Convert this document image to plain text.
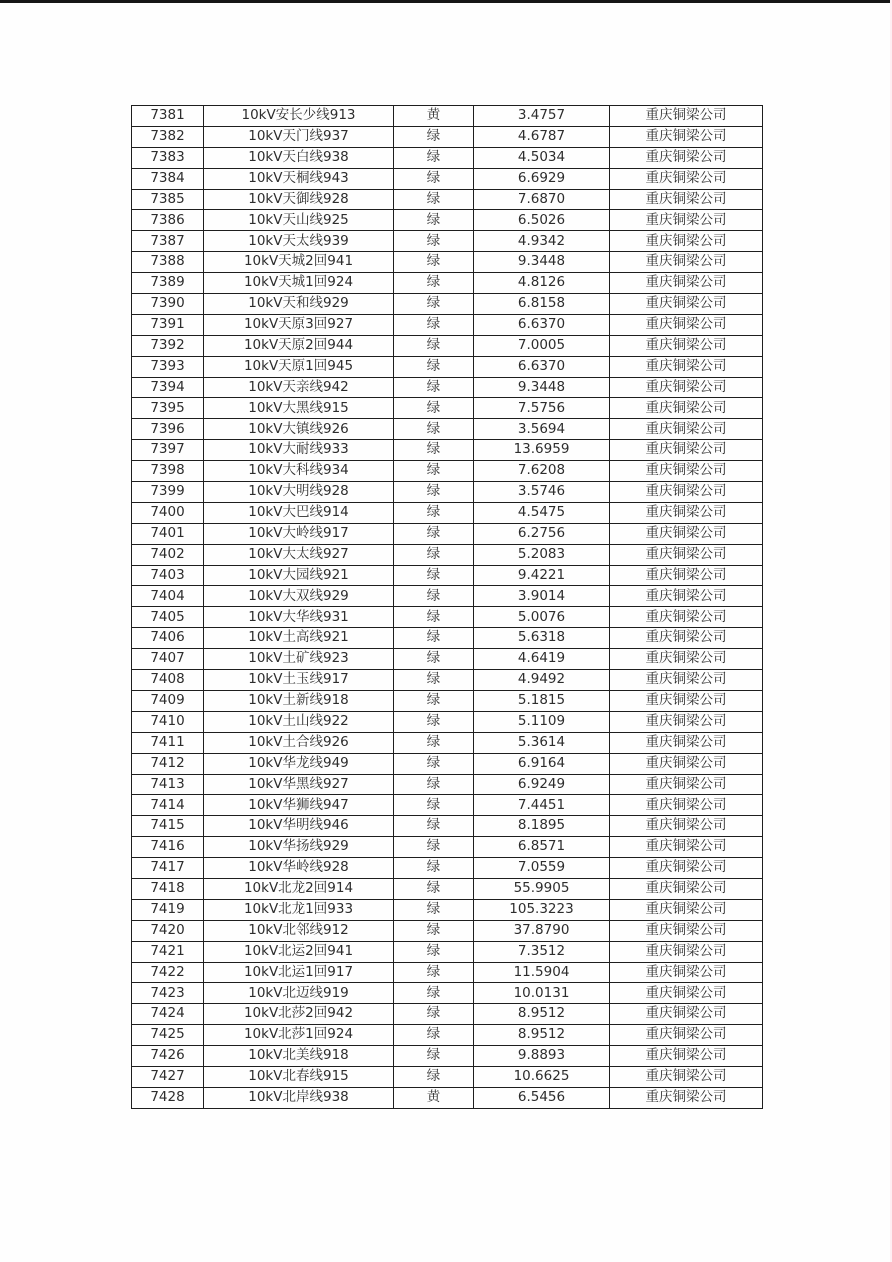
7381	10kV安长少线913	黄	3.4757	重庆铜梁公司
7382	10kV天门线937	绿	4.6787	重庆铜梁公司
7383	10kV天白线938	绿	4.5034	重庆铜梁公司
7384	10kV天桐线943	绿	6.6929	重庆铜梁公司
7385	10kV天御线928	绿	7.6870	重庆铜梁公司
7386	10kV天山线925	绿	6.5026	重庆铜梁公司
7387	10kV天太线939	绿	4.9342	重庆铜梁公司
7388	10kV天城2回941	绿	9.3448	重庆铜梁公司
7389	10kV天城1回924	绿	4.8126	重庆铜梁公司
7390	10kV天和线929	绿	6.8158	重庆铜梁公司
7391	10kV天原3回927	绿	6.6370	重庆铜梁公司
7392	10kV天原2回944	绿	7.0005	重庆铜梁公司
7393	10kV天原1回945	绿	6.6370	重庆铜梁公司
7394	10kV天亲线942	绿	9.3448	重庆铜梁公司
7395	10kV大黑线915	绿	7.5756	重庆铜梁公司
7396	10kV大镇线926	绿	3.5694	重庆铜梁公司
7397	10kV大耐线933	绿	13.6959	重庆铜梁公司
7398	10kV大科线934	绿	7.6208	重庆铜梁公司
7399	10kV大明线928	绿	3.5746	重庆铜梁公司
7400	10kV大巴线914	绿	4.5475	重庆铜梁公司
7401	10kV大岭线917	绿	6.2756	重庆铜梁公司
7402	10kV大太线927	绿	5.2083	重庆铜梁公司
7403	10kV大园线921	绿	9.4221	重庆铜梁公司
7404	10kV大双线929	绿	3.9014	重庆铜梁公司
7405	10kV大华线931	绿	5.0076	重庆铜梁公司
7406	10kV土高线921	绿	5.6318	重庆铜梁公司
7407	10kV土矿线923	绿	4.6419	重庆铜梁公司
7408	10kV土玉线917	绿	4.9492	重庆铜梁公司
7409	10kV土新线918	绿	5.1815	重庆铜梁公司
7410	10kV土山线922	绿	5.1109	重庆铜梁公司
7411	10kV土合线926	绿	5.3614	重庆铜梁公司
7412	10kV华龙线949	绿	6.9164	重庆铜梁公司
7413	10kV华黑线927	绿	6.9249	重庆铜梁公司
7414	10kV华狮线947	绿	7.4451	重庆铜梁公司
7415	10kV华明线946	绿	8.1895	重庆铜梁公司
7416	10kV华扬线929	绿	6.8571	重庆铜梁公司
7417	10kV华岭线928	绿	7.0559	重庆铜梁公司
7418	10kV北龙2回914	绿	55.9905	重庆铜梁公司
7419	10kV北龙1回933	绿	105.3223	重庆铜梁公司
7420	10kV北邻线912	绿	37.8790	重庆铜梁公司
7421	10kV北运2回941	绿	7.3512	重庆铜梁公司
7422	10kV北运1回917	绿	11.5904	重庆铜梁公司
7423	10kV北迈线919	绿	10.0131	重庆铜梁公司
7424	10kV北莎2回942	绿	8.9512	重庆铜梁公司
7425	10kV北莎1回924	绿	8.9512	重庆铜梁公司
7426	10kV北美线918	绿	9.8893	重庆铜梁公司
7427	10kV北春线915	绿	10.6625	重庆铜梁公司
7428	10kV北岸线938	黄	6.5456	重庆铜梁公司
